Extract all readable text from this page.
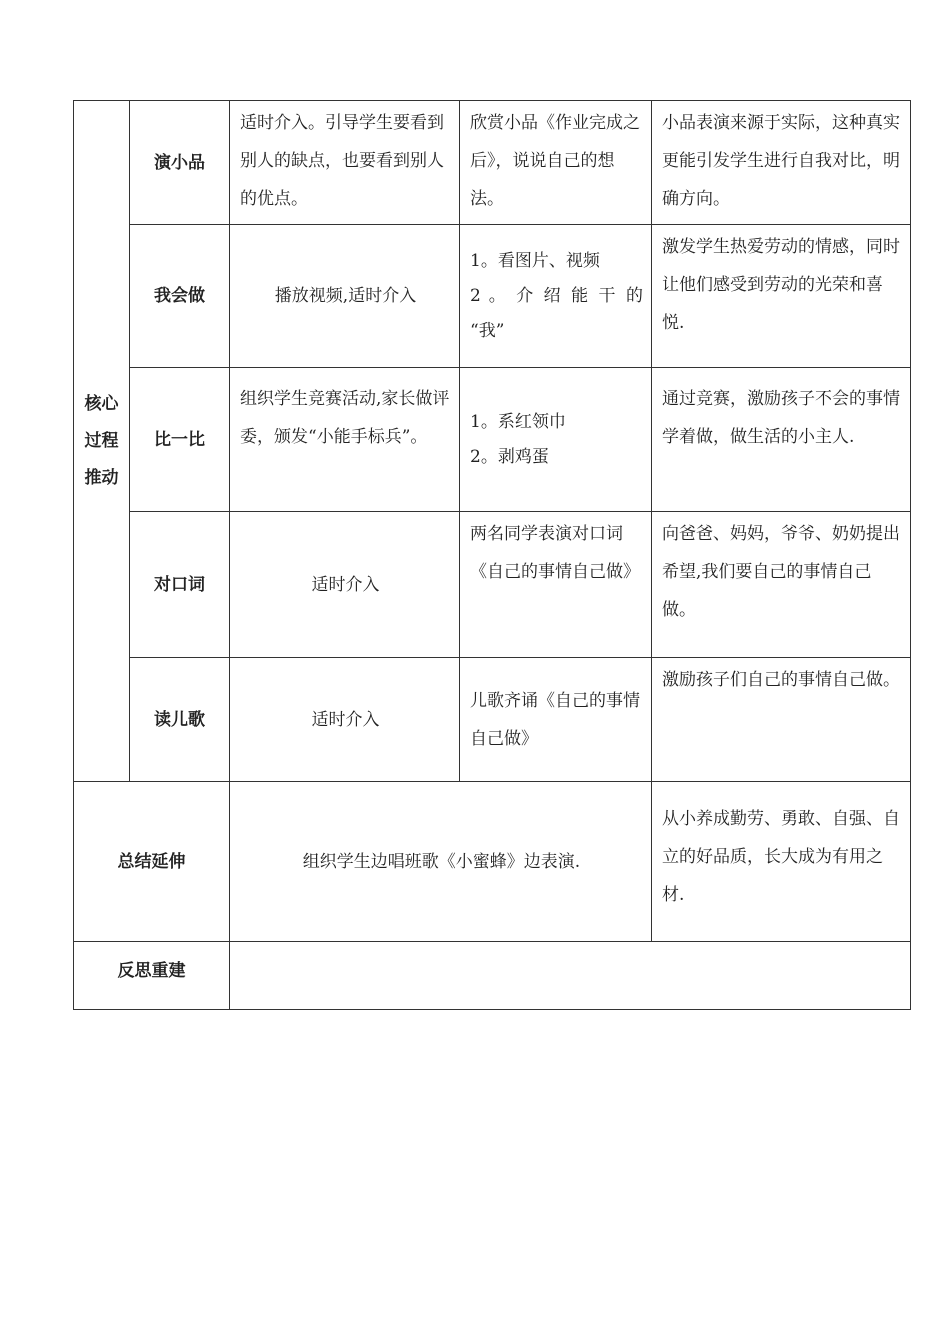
核心
过程
推动	演小品	适时介入。引导学生要看到别人的缺点，也要看到别人的优点。	欣赏小品《作业完成之后》，说说自己的想法。	小品表演来源于实际，这种真实更能引发学生进行自我对比，明确方向。
	我会做	播放视频,适时介入	1。看图片、视频
2 。 介 绍 能 干 的
“我”	激发学生热爱劳动的情感，同时让他们感受到劳动的光荣和喜悦.
	比一比	组织学生竞赛活动,家长做评委，颁发“小能手标兵”。	1。系红领巾
2。剥鸡蛋	通过竞赛，激励孩子不会的事情学着做，做生活的小主人.
	对口词	适时介入	两名同学表演对口词《自己的事情自己做》	向爸爸、妈妈，爷爷、奶奶提出希望,我们要自己的事情自己做。
	读儿歌	适时介入	儿歌齐诵《自己的事情自己做》	激励孩子们自己的事情自己做。
总结延伸		组织学生边唱班歌《小蜜蜂》边表演.		从小养成勤劳、勇敢、自强、自立的好品质，长大成为有用之材.
反思重建				
